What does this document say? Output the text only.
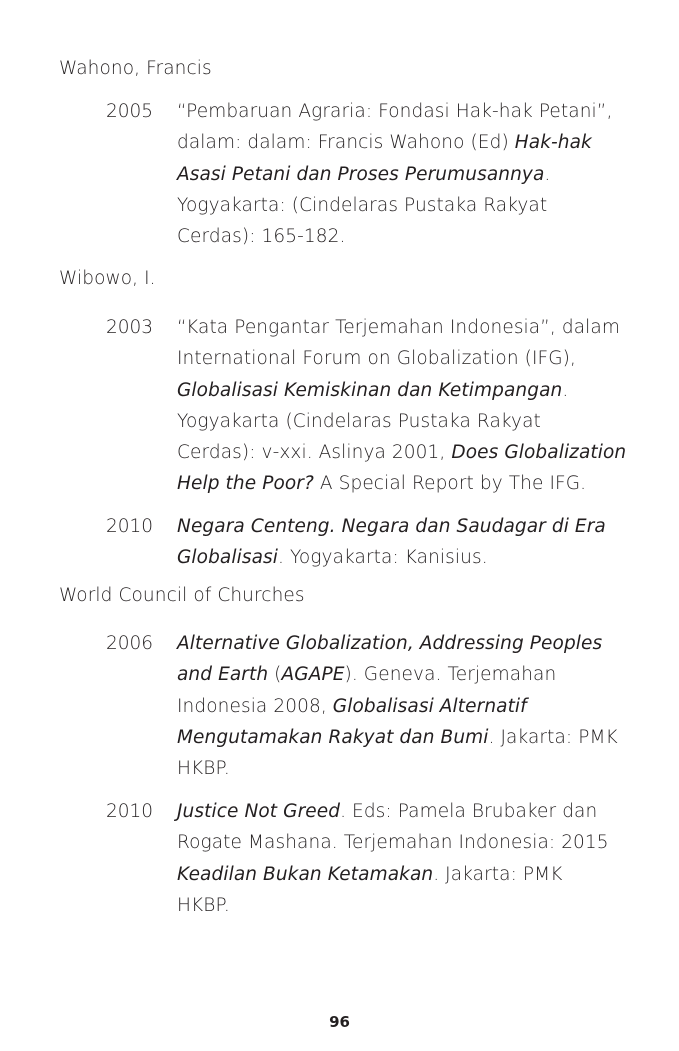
Wahono, Francis
2005 “Pembaruan Agraria: Fondasi Hak-hak Petani”,
dalam: dalam: Francis Wahono (Ed) Hak-hak
Asasi Petani dan Proses Perumusannya.
Yogyakarta: (Cindelaras Pustaka Rakyat
Cerdas): 165-182.
Wibowo, I.
2003 “Kata Pengantar Terjemahan Indonesia”, dalam
International Forum on Globalization (IFG),
Globalisasi Kemiskinan dan Ketimpangan.
Yogyakarta (Cindelaras Pustaka Rakyat
Cerdas): v-xxi. Aslinya 2001, Does Globalization
Help the Poor? A Special Report by The IFG.
2010 Negara Centeng. Negara dan Saudagar di Era
Globalisasi. Yogyakarta: Kanisius.
World Council of Churches
2006 Alternative Globalization, Addressing Peoples
and Earth (AGAPE). Geneva. Terjemahan
Indonesia 2008, Globalisasi Alternatif
Mengutamakan Rakyat dan Bumi. Jakarta: PMK
HKBP.
2010 Justice Not Greed. Eds: Pamela Brubaker dan
Rogate Mashana. Terjemahan Indonesia: 2015
Keadilan Bukan Ketamakan. Jakarta: PMK
HKBP.
96
